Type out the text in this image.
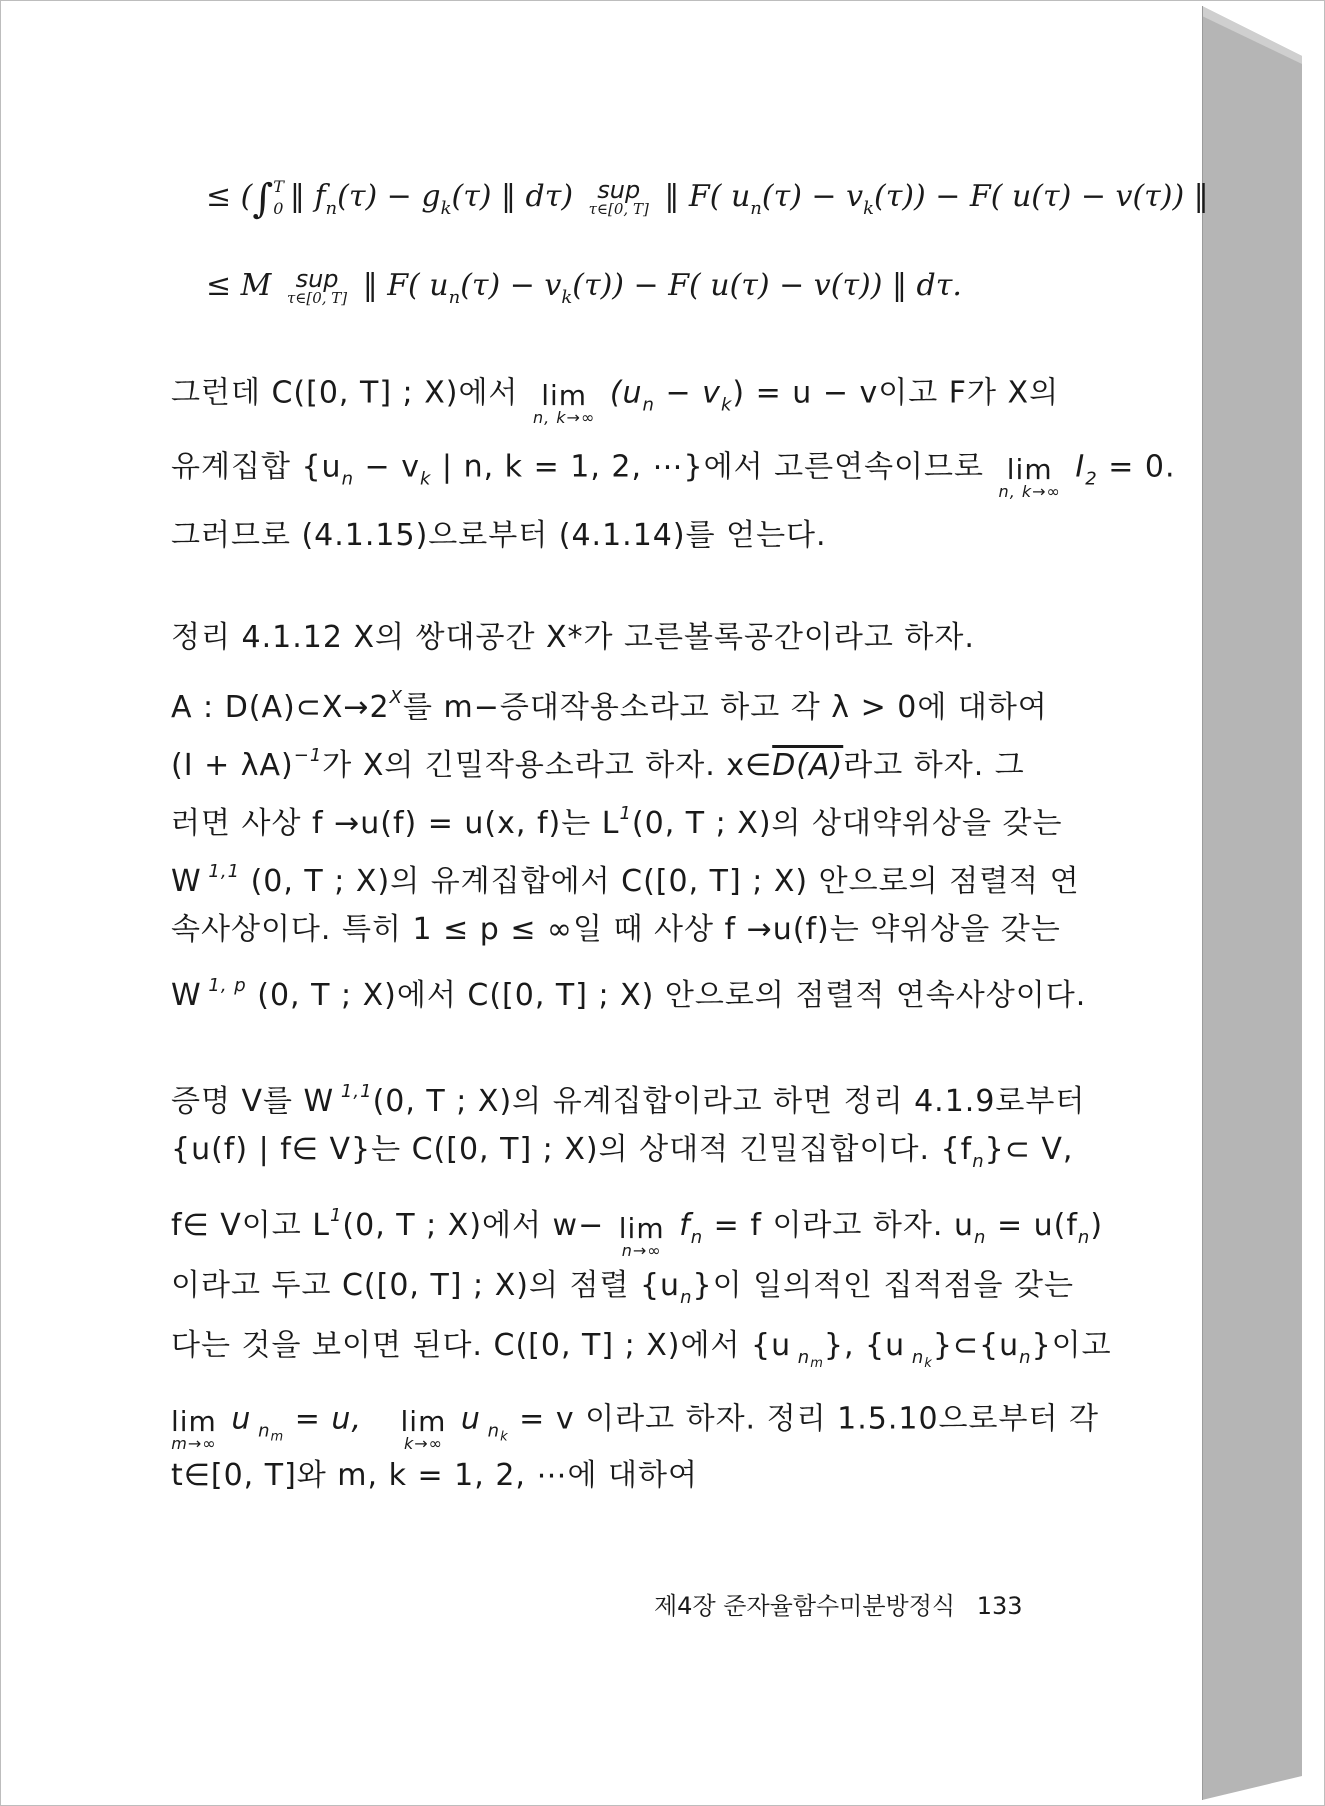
≤ (∫ T
0 ‖ $f_n(\tau) - g_k(\tau)$ ‖ dτ)	sup
τ∈[0, T] ‖ F( $u_n(\tau) - v_k(\tau)) - F$( u(τ) − v(τ)) ‖
≤ M	sup
τ∈[0, T] ‖ F( $u_n(\tau) - v_k(\tau)) - F$( u(τ) − v(τ)) ‖ dτ.
그런데 C([0, T] ; X)에서 lim
n, k→∞
$(u_n - v_k) = u - v$이고 F가 X의
유계집합 {$u_n - v_k$ | n, k = 1, 2, ⋯}에서 고른연속이므로 lim
n, k→∞
$I_2 = 0$.
그러므로 (4.1.15)으로부터 (4.1.14)를 얻는다.
정리 4.1.12 X의 쌍대공간 X*가 고른볼록공간이라고 하자.
A : $D(A)\subset X\to 2^X$를 m−증대작용소라고 하고 각 λ > 0에 대하여
$(I + \lambda A)^{-1}$가 X의 긴밀작용소라고 하자. x∈D(A)라고 하자. 그
러면 사상 f →u(f) = u(x, f)는 $L^1(0$, T ; X)의 상대약위상을 갖는
W $^{1,1}$ (0, T ; X)의 유계집합에서 C([0, T] ; X) 안으로의 점렬적 연
속사상이다. 특히 1 ≤ p ≤ ∞일 때 사상 f →u(f)는 약위상을 갖는
W $^{1, p}$ (0, T ; X)에서 C([0, T] ; X) 안으로의 점렬적 연속사상이다.
증명 V를 W $^{1,1}$(0, T ; X)의 유계집합이라고 하면 정리 4.1.9로부터
{u(f) | f∈ V}는 C([0, T] ; X)의 상대적 긴밀집합이다. $\{f_n\}\subset$ V,
f∈ V이고 $L^1(0$, T ; X)에서 w− lim
n→∞
$f_n = f$ 이라고 하자. $u_n = u(f_n)$
이라고 두고 C([0, T] ; X)의 점렬 $\{u_n\}$이 일의적인 집적점을 갖는
다는 것을 보이면 된다. C([0, T] ; X)에서 {u $_{nm}$}, {u $_{nk}\}\subset\{u_n\}$이고
lim
m→∞
u $_{nm}$ = u, lim
k→∞
u $_{nk}$ = v 이라고 하자. 정리 1.5.10으로부터 각
t∈[0, T]와 m, k = 1, 2, ⋯에 대하여
제4장 준자율함수미분방정식 133
